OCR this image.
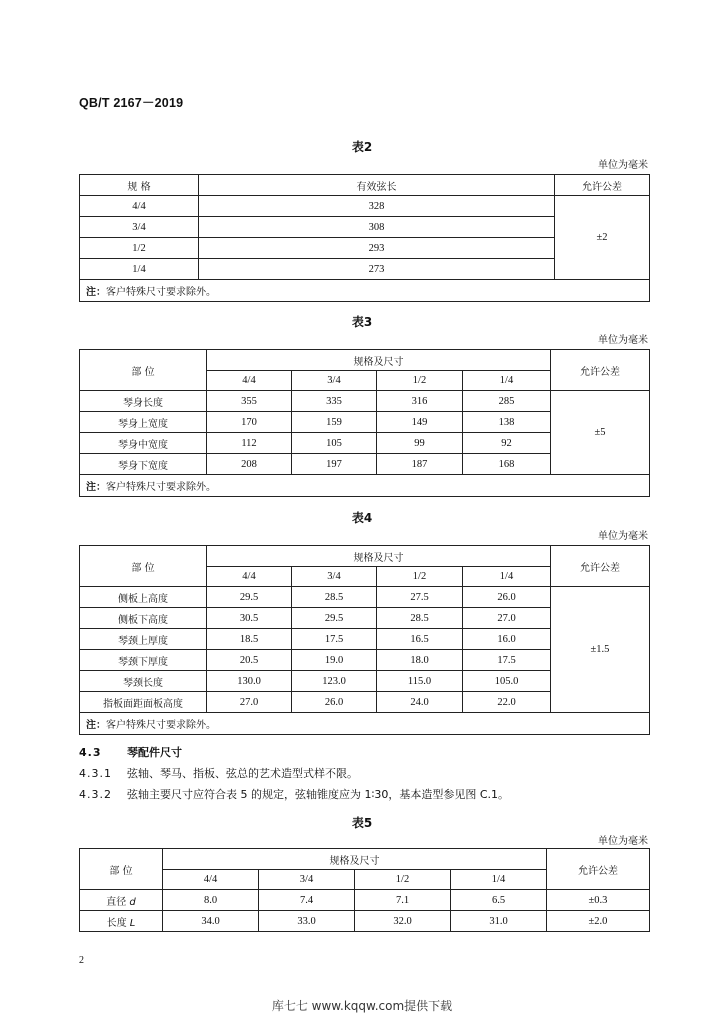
QB/T 2167－2019
表2
单位为毫米
规 格	有效弦长	允许公差
4/4	328	±2
3/4	308	
1/2	293	
1/4	273	
注：客户特殊尺寸要求除外。		
表3
单位为毫米
部 位	规格及尺寸				允许公差
	4/4	3/4	1/2	1/4	
琴身长度	355	335	316	285	±5
琴身上宽度	170	159	149	138	
琴身中宽度	112	105	99	92	
琴身下宽度	208	197	187	168	
注：客户特殊尺寸要求除外。					
表4
单位为毫米
部 位	规格及尺寸				允许公差
	4/4	3/4	1/2	1/4	
侧板上高度	29.5	28.5	27.5	26.0	±1.5
侧板下高度	30.5	29.5	28.5	27.0	
琴颈上厚度	18.5	17.5	16.5	16.0	
琴颈下厚度	20.5	19.0	18.0	17.5	
琴颈长度	130.0	123.0	115.0	105.0	
指板面距面板高度	27.0	26.0	24.0	22.0	
注：客户特殊尺寸要求除外。					
4.3 琴配件尺寸
4.3.1 弦轴、琴马、指板、弦总的艺术造型式样不限。
4.3.2 弦轴主要尺寸应符合表 5 的规定，弦轴锥度应为 1∶30，基本造型参见图 C.1。
表5
单位为毫米
部 位	规格及尺寸				允许公差
	4/4	3/4	1/2	1/4	
直径 d	8.0	7.4	7.1	6.5	±0.3
长度 L	34.0	33.0	32.0	31.0	±2.0
2
库七七 www.kqqw.com提供下载
